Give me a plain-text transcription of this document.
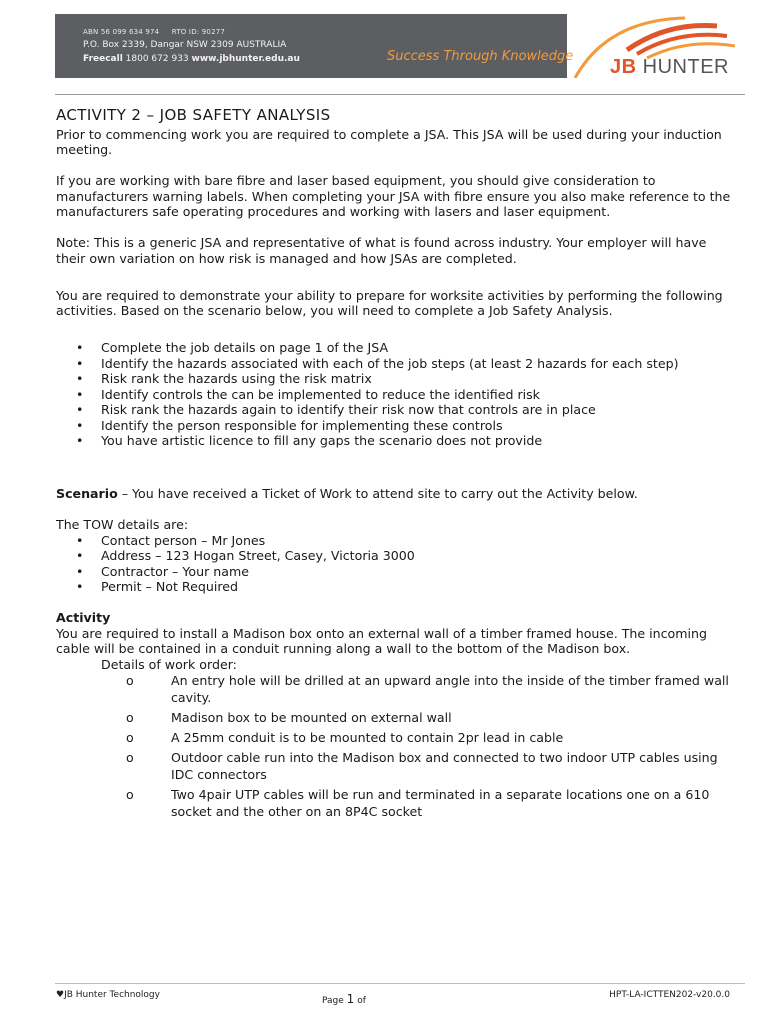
ABN 56 099 634 974 RTO ID: 90277
P.O. Box 2339, Dangar NSW 2309 AUSTRALIA
Freecall 1800 672 933 www.jbhunter.edu.au	Success Through Knowledge JB HUNTER
ACTIVITY 2 – JOB SAFETY ANALYSIS

Prior to commencing work you are required to complete a JSA. This JSA will be used during your induction meeting.

If you are working with bare fibre and laser based equipment, you should give consideration to manufacturers warning labels. When completing your JSA with fibre ensure you also make reference to the manufacturers safe operating procedures and working with lasers and laser equipment.

Note: This is a generic JSA and representative of what is found across industry. Your employer will have their own variation on how risk is managed and how JSAs are completed.

You are required to demonstrate your ability to prepare for worksite activities by performing the following activities. Based on the scenario below, you will need to complete a Job Safety Analysis.

• Complete the job details on page 1 of the JSA
• Identify the hazards associated with each of the job steps (at least 2 hazards for each step)
• Risk rank the hazards using the risk matrix
• Identify controls the can be implemented to reduce the identified risk
• Risk rank the hazards again to identify their risk now that controls are in place
• Identify the person responsible for implementing these controls
• You have artistic licence to fill any gaps the scenario does not provide

Scenario – You have received a Ticket of Work to attend site to carry out the Activity below.

The TOW details are:
• Contact person – Mr Jones
• Address – 123 Hogan Street, Casey, Victoria 3000
• Contractor – Your name
• Permit – Not Required
Activity
You are required to install a Madison box onto an external wall of a timber framed house. The incoming cable will be contained in a conduit running along a wall to the bottom of the Madison box.
Details of work order:
o An entry hole will be drilled at an upward angle into the inside of the timber framed wall cavity.
o Madison box to be mounted on external wall
o A 25mm conduit is to be mounted to contain 2pr lead in cable
o Outdoor cable run into the Madison box and connected to two indoor UTP cables using IDC connectors
o Two 4pair UTP cables will be run and terminated in a separate locations one on a 610 socket and the other on an 8P4C socket
♥JB Hunter Technology
Page 1 of
HPT-LA-ICTTEN202-v20.0.0
